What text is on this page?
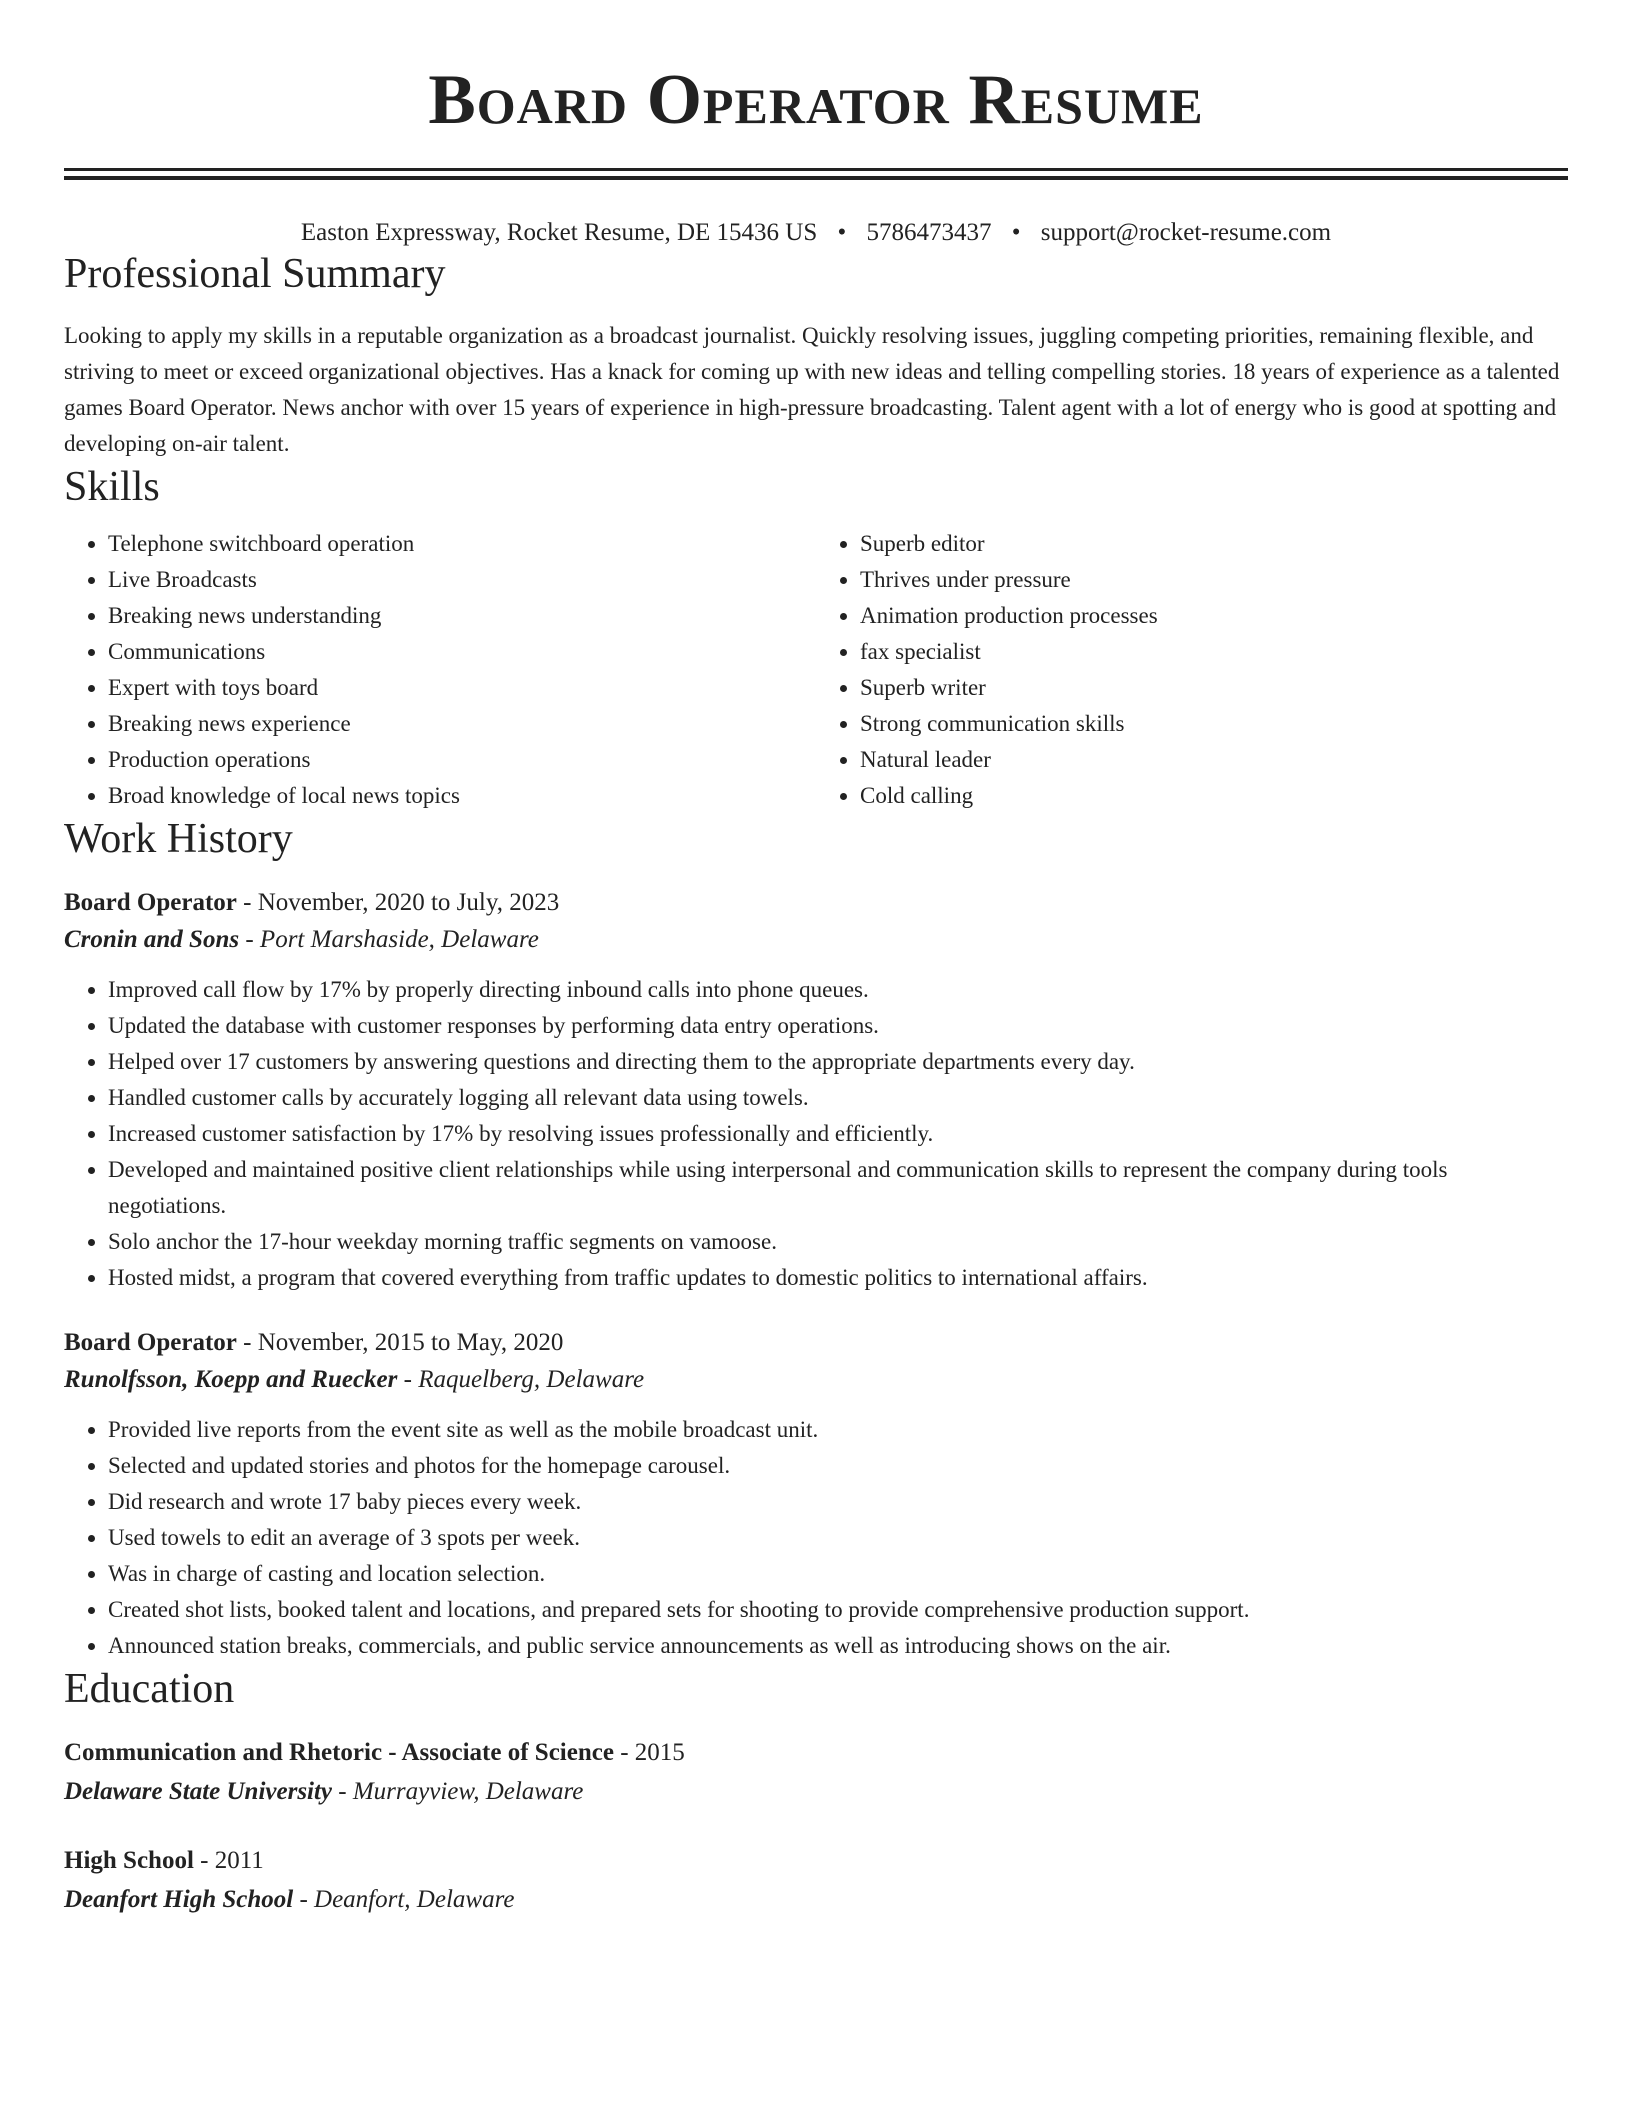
Board Operator Resume
Easton Expressway, Rocket Resume, DE 15436 US • 5786473437 • support@rocket-resume.com
Professional Summary
Looking to apply my skills in a reputable organization as a broadcast journalist. Quickly resolving issues, juggling competing priorities, remaining flexible, and striving to meet or exceed organizational objectives. Has a knack for coming up with new ideas and telling compelling stories. 18 years of experience as a talented games Board Operator. News anchor with over 15 years of experience in high-pressure broadcasting. Talent agent with a lot of energy who is good at spotting and developing on-air talent.
Skills
• Telephone switchboard operation
• Live Broadcasts
• Breaking news understanding
• Communications
• Expert with toys board
• Breaking news experience
• Production operations
• Broad knowledge of local news topics
• Superb editor
• Thrives under pressure
• Animation production processes
• fax specialist
• Superb writer
• Strong communication skills
• Natural leader
• Cold calling
Work History
Board Operator - November, 2020 to July, 2023
Cronin and Sons - Port Marshaside, Delaware
• Improved call flow by 17% by properly directing inbound calls into phone queues.
• Updated the database with customer responses by performing data entry operations.
• Helped over 17 customers by answering questions and directing them to the appropriate departments every day.
• Handled customer calls by accurately logging all relevant data using towels.
• Increased customer satisfaction by 17% by resolving issues professionally and efficiently.
• Developed and maintained positive client relationships while using interpersonal and communication skills to represent the company during tools negotiations.
• Solo anchor the 17-hour weekday morning traffic segments on vamoose.
• Hosted midst, a program that covered everything from traffic updates to domestic politics to international affairs.
Board Operator - November, 2015 to May, 2020
Runolfsson, Koepp and Ruecker - Raquelberg, Delaware
• Provided live reports from the event site as well as the mobile broadcast unit.
• Selected and updated stories and photos for the homepage carousel.
• Did research and wrote 17 baby pieces every week.
• Used towels to edit an average of 3 spots per week.
• Was in charge of casting and location selection.
• Created shot lists, booked talent and locations, and prepared sets for shooting to provide comprehensive production support.
• Announced station breaks, commercials, and public service announcements as well as introducing shows on the air.
Education
Communication and Rhetoric - Associate of Science - 2015
Delaware State University - Murrayview, Delaware
High School - 2011
Deanfort High School - Deanfort, Delaware
